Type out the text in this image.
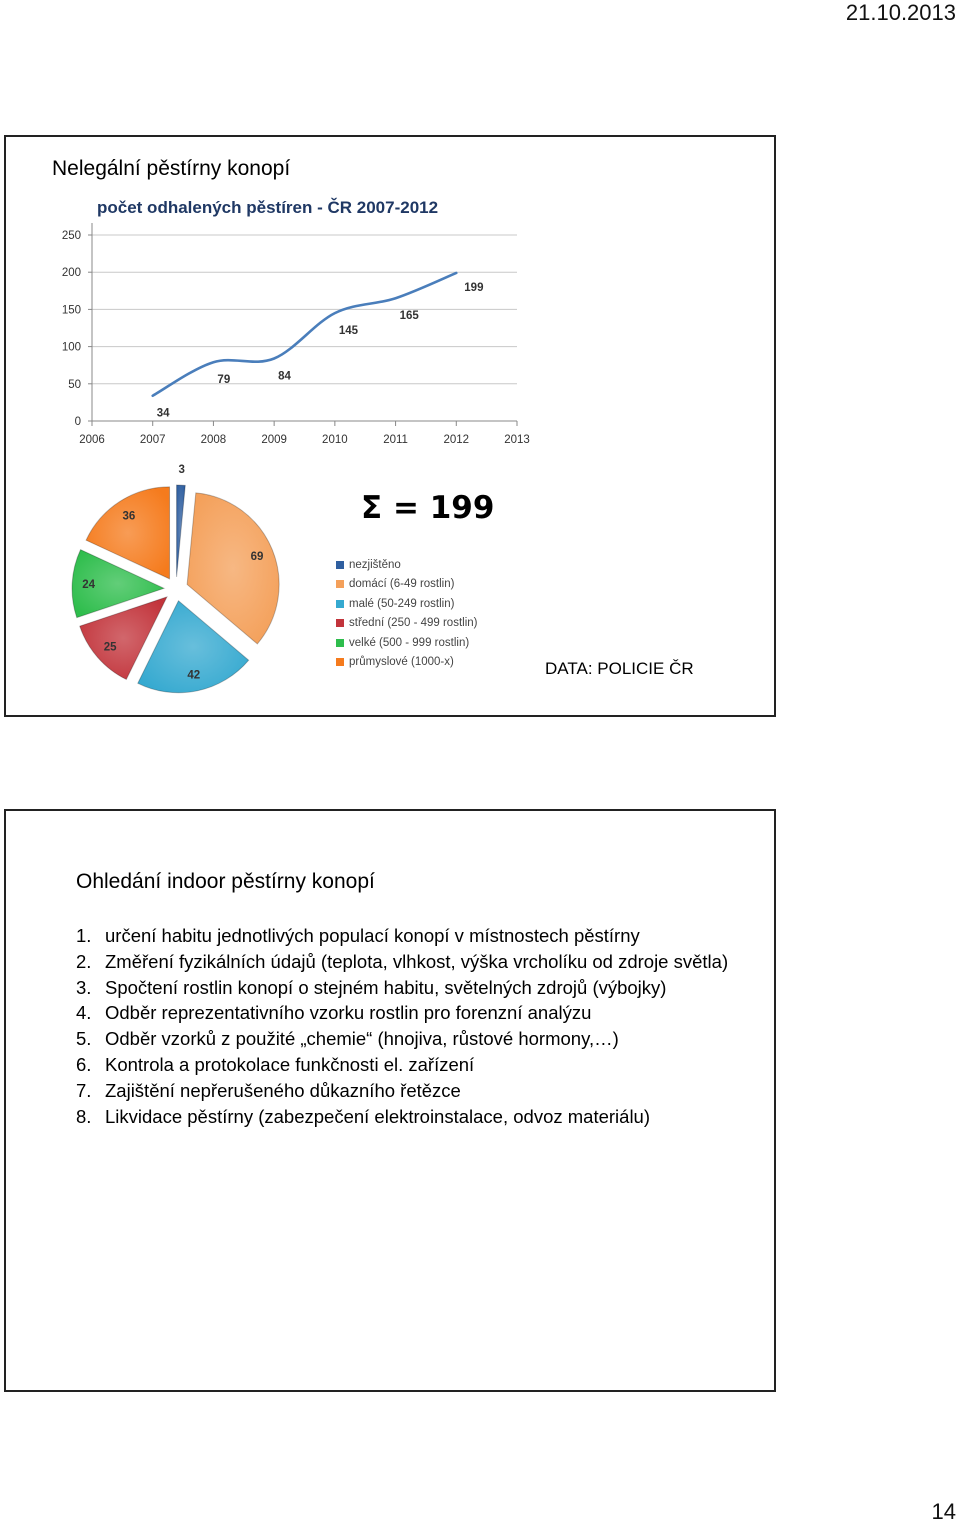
21.10.2013
Nelegální pěstírny konopí
počet odhalených pěstíren - ČR 2007-2012
0
50
100
150
200
250
2006	2007	2008	2009	2010	2011	2012	2013
34
79	84
145
165
199
3
69
42
25
24
36	Σ = 199
nezjištěno
domácí (6-49 rostlin)
malé (50-249 rostlin)
střední (250 - 499 rostlin)
velké (500 - 999 rostlin)
průmyslové (1000-x)	DATA: POLICIE ČR
Ohledání indoor pěstírny konopí
1. určení habitu jednotlivých populací konopí v místnostech pěstírny
2. Změření fyzikálních údajů (teplota, vlhkost, výška vrcholíku od zdroje světla)
3. Spočtení rostlin konopí o stejném habitu, světelných zdrojů (výbojky)
4. Odběr reprezentativního vzorku rostlin pro forenzní analýzu
5. Odběr vzorků z použité „chemie“ (hnojiva, růstové hormony,…)
6. Kontrola a protokolace funkčnosti el. zařízení
7. Zajištění nepřerušeného důkazního řetězce
8. Likvidace pěstírny (zabezpečení elektroinstalace, odvoz materiálu)
14
